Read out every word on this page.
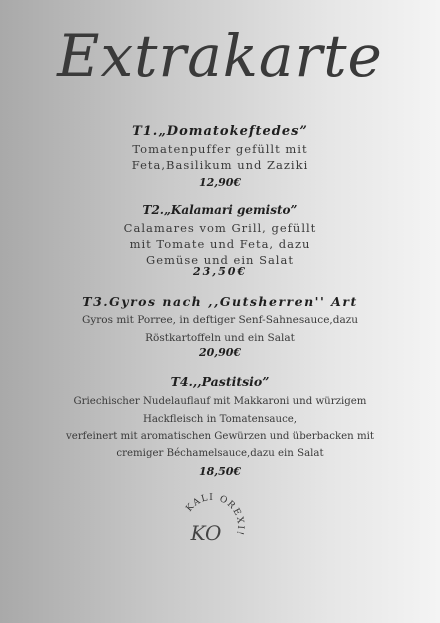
Extrakarte
T1.„Domatokeftedes”
Tomatenpuffer gefüllt mit
Feta,Basilikum und Zaziki
12,90€
T2.„Kalamari gemisto”
Calamares vom Grill, gefüllt
mit Tomate und Feta, dazu
Gemüse und ein Salat
23,50€
T3.Gyros nach ,,Gutsherren'' Art
Gyros mit Porree, in deftiger Senf-Sahnesauce,dazu
Röstkartoffeln und ein Salat
20,90€
T4.,,Pastitsio”
Griechischer Nudelauflauf mit Makkaroni und würzigem
Hackfleisch in Tomatensauce,
verfeinert mit aromatischen Gewürzen und überbacken mit
cremiger Béchamelsauce,dazu ein Salat
18,50€
KALI OREXI!
KO
